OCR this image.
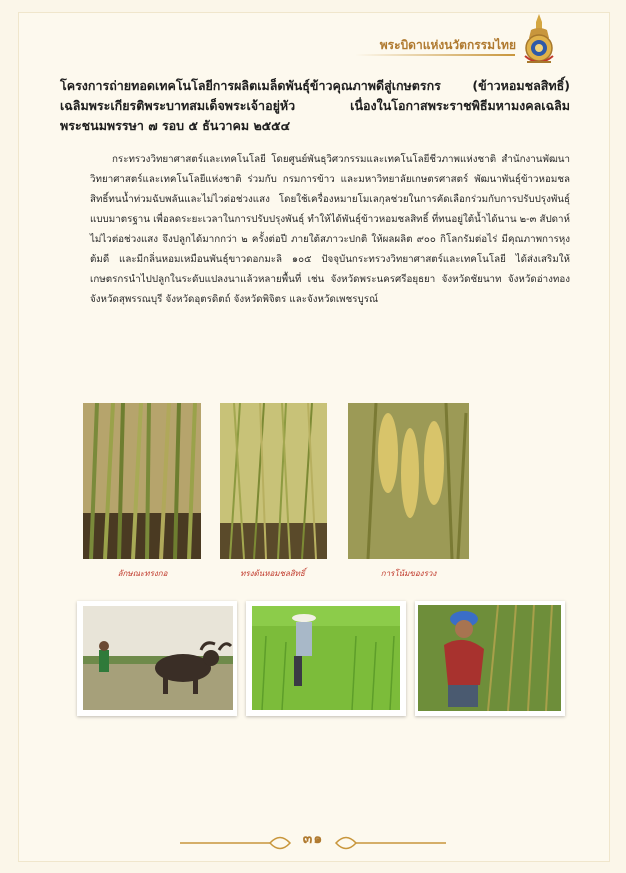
พระบิดาแห่งนวัตกรรมไทย
โครงการถ่ายทอดเทคโนโลยีการผลิตเมล็ดพันธุ์ข้าวคุณภาพดีสู่เกษตรกร (ข้าวหอมชลสิทธิ์) เฉลิมพระเกียรติพระบาทสมเด็จพระเจ้าอยู่หัว เนื่องในโอกาสพระราชพิธีมหามงคลเฉลิมพระชนมพรรษา ๗ รอบ ๕ ธันวาคม ๒๕๕๔
กระทรวงวิทยาศาสตร์และเทคโนโลยี โดยศูนย์พันธุวิศวกรรมและเทคโนโลยีชีวภาพแห่งชาติ สำนักงานพัฒนาวิทยาศาสตร์และเทคโนโลยีแห่งชาติ ร่วมกับ กรมการข้าว และมหาวิทยาลัยเกษตรศาสตร์ พัฒนาพันธุ์ข้าวหอมชลสิทธิ์ทนน้ำท่วมฉับพลันและไม่ไวต่อช่วงแสง โดยใช้เครื่องหมายโมเลกุลช่วยในการคัดเลือกร่วมกับการปรับปรุงพันธุ์แบบมาตรฐาน เพื่อลดระยะเวลาในการปรับปรุงพันธุ์ ทำให้ได้พันธุ์ข้าวหอมชลสิทธิ์ ที่ทนอยู่ใต้น้ำได้นาน ๒-๓ สัปดาห์ ไม่ไวต่อช่วงแสง จึงปลูกได้มากกว่า ๒ ครั้งต่อปี ภายใต้สภาวะปกติ ให้ผลผลิต ๙๐๐ กิโลกรัมต่อไร่ มีคุณภาพการหุงต้มดี และมีกลิ่นหอมเหมือนพันธุ์ขาวดอกมะลิ ๑๐๕ ปัจจุบันกระทรวงวิทยาศาสตร์และเทคโนโลยี ได้ส่งเสริมให้เกษตรกรนำไปปลูกในระดับแปลงนาแล้วหลายพื้นที่ เช่น จังหวัดพระนครศรีอยุธยา จังหวัดชัยนาท จังหวัดอ่างทอง จังหวัดสุพรรณบุรี จังหวัดอุตรดิตถ์ จังหวัดพิจิตร และจังหวัดเพชรบูรณ์
ลักษณะทรงกอ	ทรงต้นหอมชลสิทธิ์	การโน้มของรวง
๓๑
